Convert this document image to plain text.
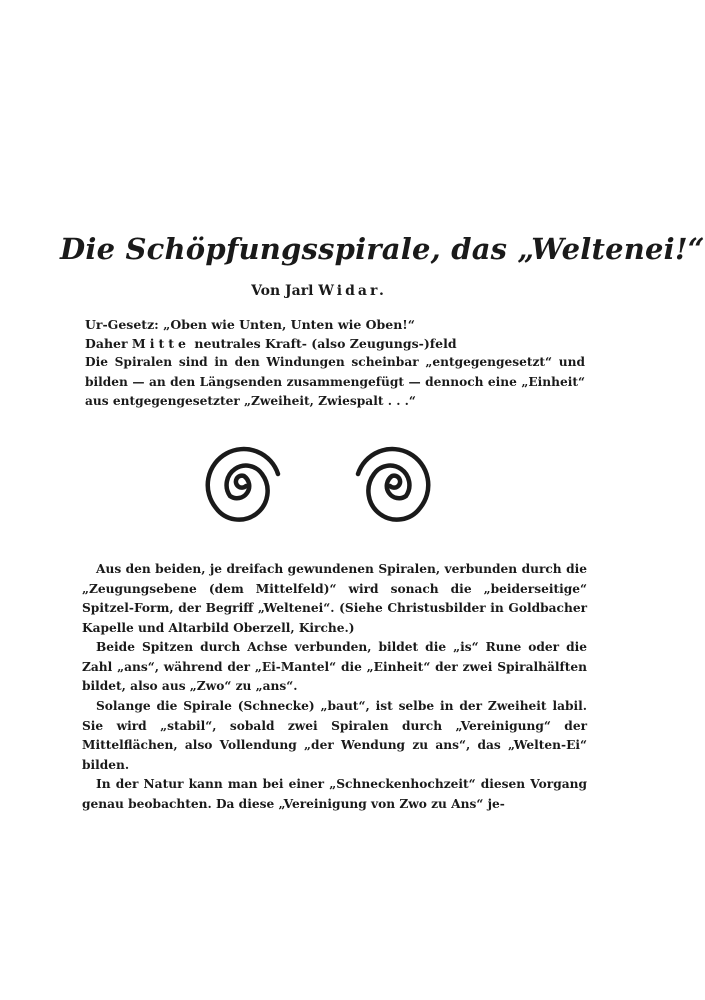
Die Schöpfungsspirale, das „Weltenei!“
Von Jarl Widar.
Ur-Gesetz: „Oben wie Unten, Unten wie Oben!“
Daher Mitte neutrales Kraft- (also Zeugungs-)feld
Die Spiralen sind in den Windungen scheinbar „entgegengesetzt“ und bilden — an den Längsenden zusammengefügt — dennoch eine „Einheit“ aus entgegengesetzter „Zweiheit, Zwiespalt . . .“
Aus den beiden, je dreifach gewundenen Spiralen, verbunden durch die „Zeugungsebene (dem Mittelfeld)“ wird sonach die „beiderseitige“ Spitzel-Form, der Begriff „Weltenei“. (Siehe Christusbilder in Goldbacher Kapelle und Altarbild Oberzell, Kirche.)
Beide Spitzen durch Achse verbunden, bildet die „is“ Rune oder die Zahl „ans“, während der „Ei-Mantel“ die „Einheit“ der zwei Spiralhälften bildet, also aus „Zwo“ zu „ans“.
Solange die Spirale (Schnecke) „baut“, ist selbe in der Zweiheit labil. Sie wird „stabil“, sobald zwei Spiralen durch „Vereinigung“ der Mittelflächen, also Vollendung „der Wendung zu ans“, das „Welten-Ei“ bilden.
In der Natur kann man bei einer „Schneckenhochzeit“ diesen Vorgang genau beobachten. Da diese „Vereinigung von Zwo zu Ans“ je-
